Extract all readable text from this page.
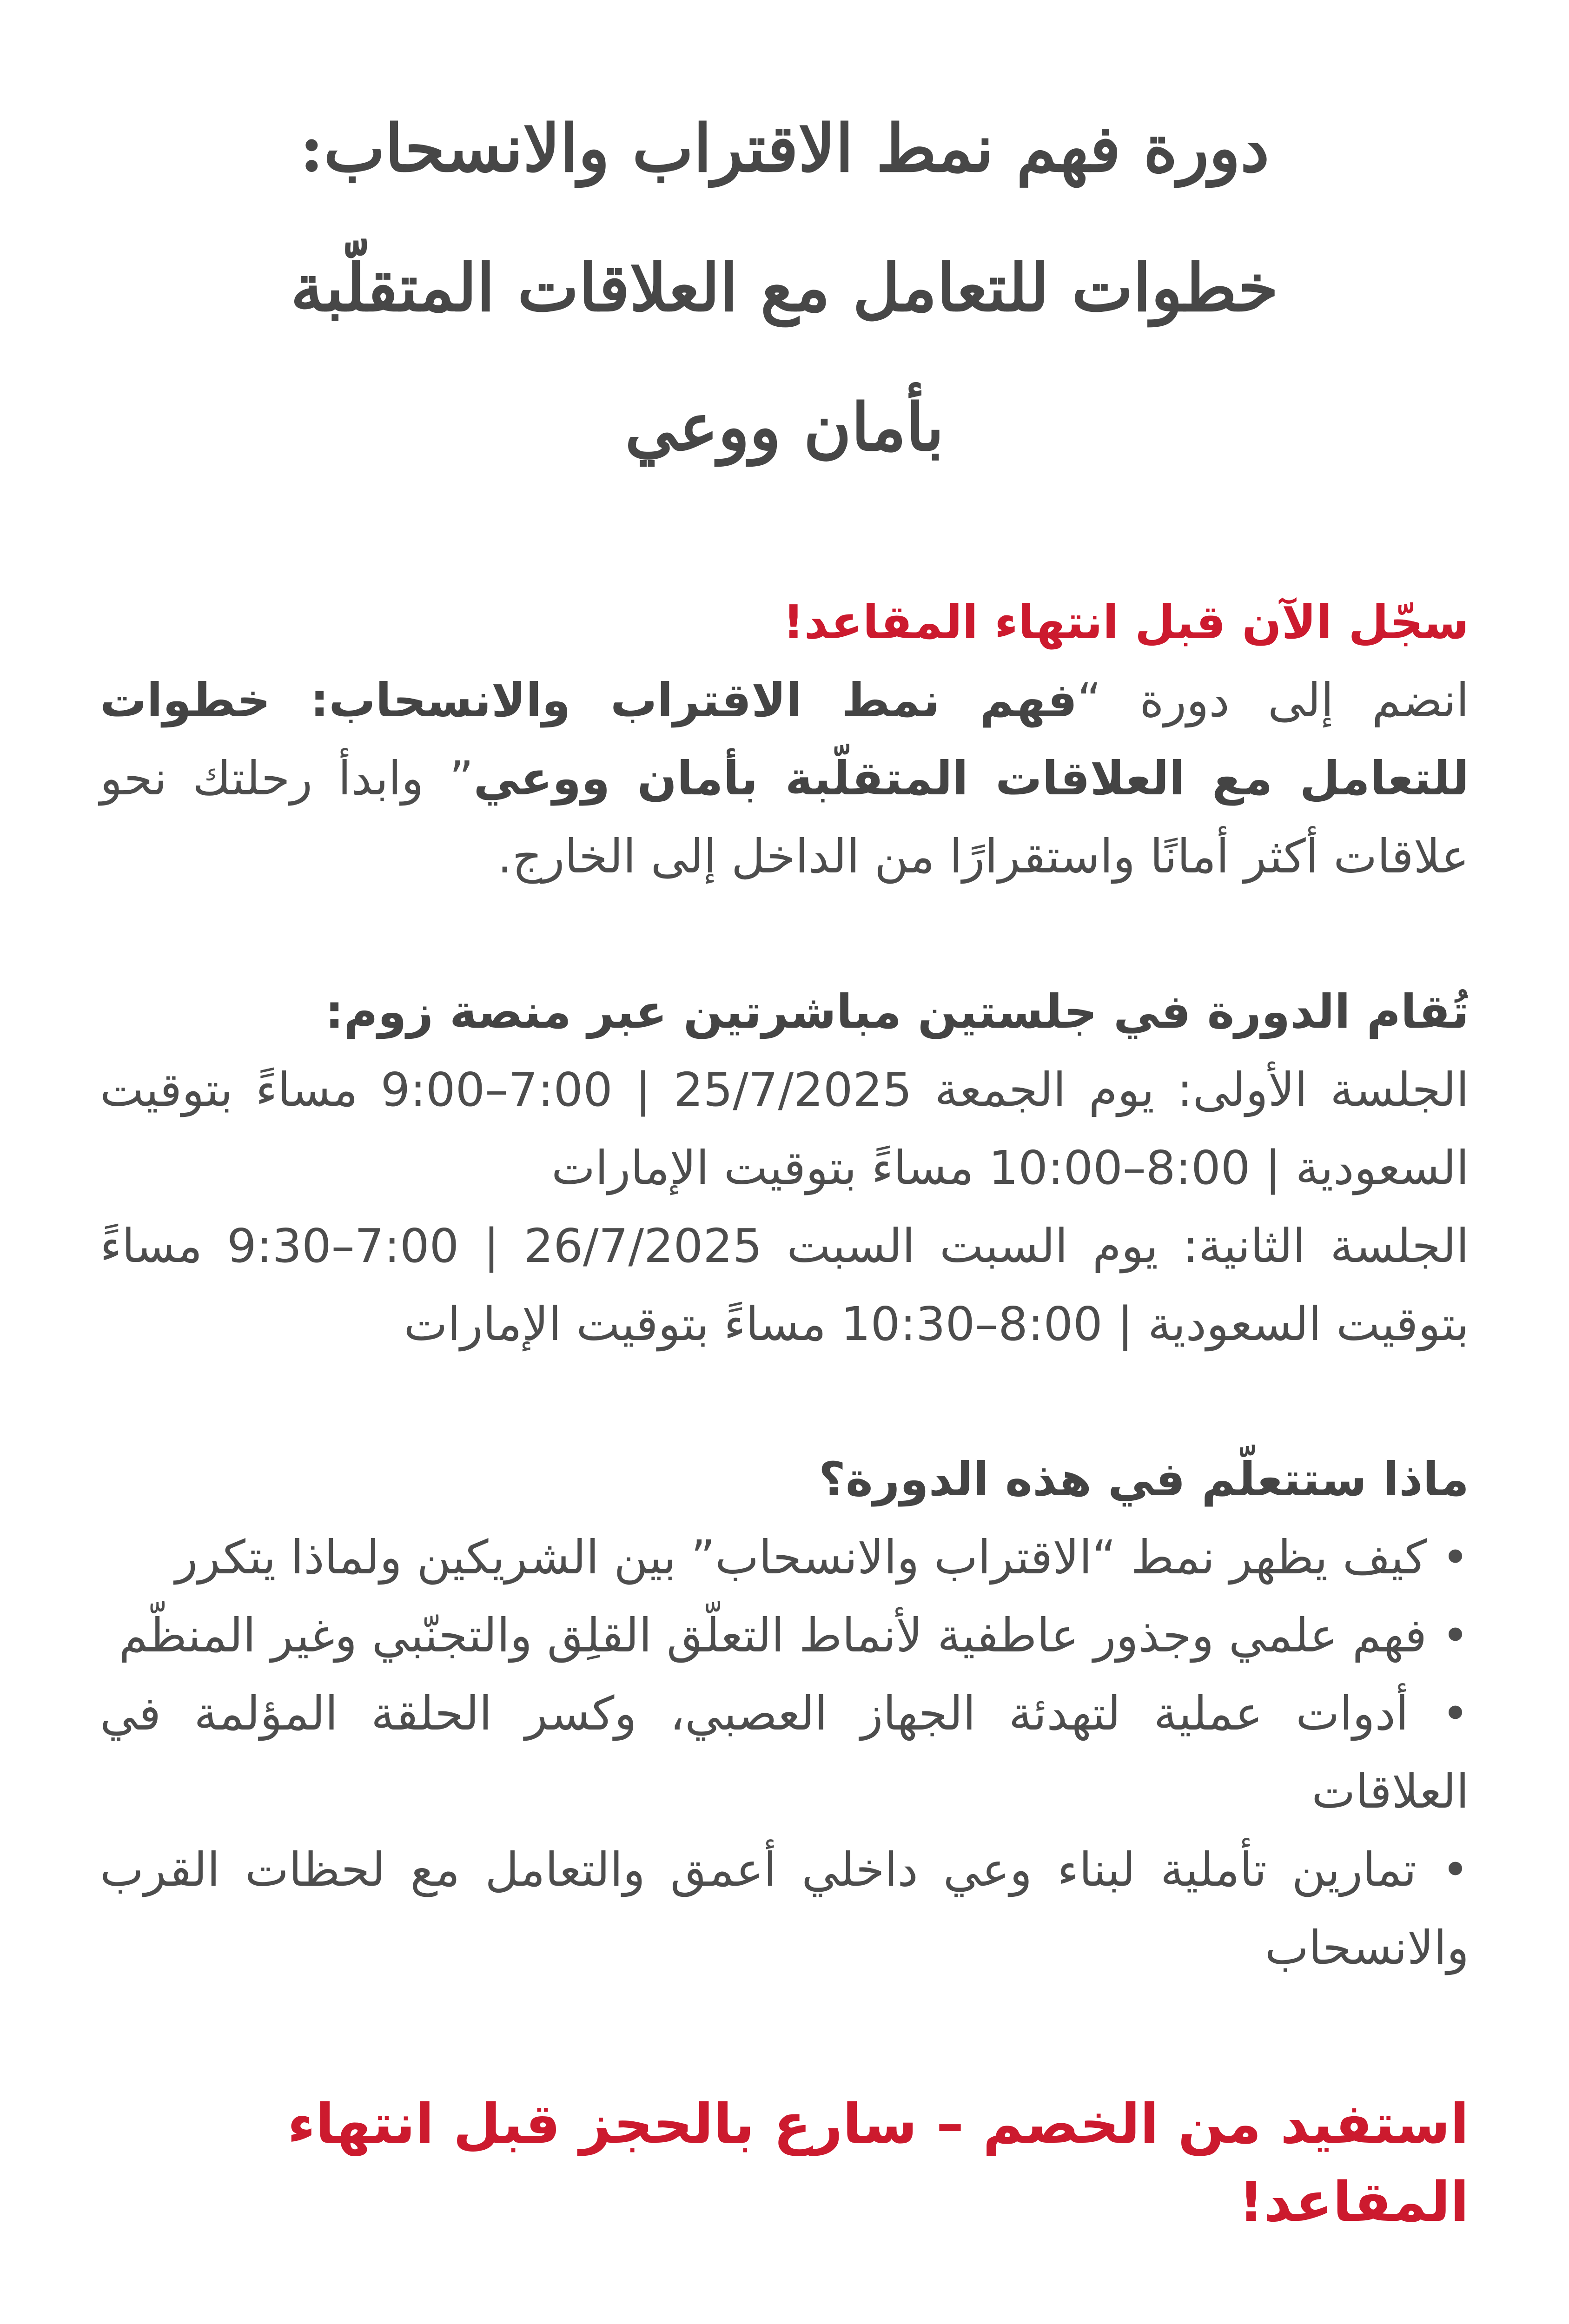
دورة فهم نمط الاقتراب والانسحاب:
خطوات للتعامل مع العلاقات المتقلّبة
بأمان ووعي

سجّل الآن قبل انتهاء المقاعد!

انضم إلى دورة “فهم نمط الاقتراب والانسحاب: خطوات للتعامل مع العلاقات المتقلّبة بأمان ووعي” وابدأ رحلتك نحو علاقات أكثر أمانًا واستقرارًا من الداخل إلى الخارج.

تُقام الدورة في جلستين مباشرتين عبر منصة زوم:

الجلسة الأولى: يوم الجمعة 25/7/2025 | 7:00–9:00 مساءً بتوقيت السعودية | 8:00–10:00 مساءً بتوقيت الإمارات

الجلسة الثانية: يوم السبت السبت 26/7/2025 | 7:00–9:30 مساءً بتوقيت السعودية | 8:00–10:30 مساءً بتوقيت الإمارات

ماذا ستتعلّم في هذه الدورة؟

• كيف يظهر نمط “الاقتراب والانسحاب” بين الشريكين ولماذا يتكرر

• فهم علمي وجذور عاطفية لأنماط التعلّق القلِق والتجنّبي وغير المنظّم

• أدوات عملية لتهدئة الجهاز العصبي، وكسر الحلقة المؤلمة في العلاقات

• تمارين تأملية لبناء وعي داخلي أعمق والتعامل مع لحظات القرب والانسحاب

استفيد من الخصم – سارع بالحجز قبل انتهاء المقاعد!
